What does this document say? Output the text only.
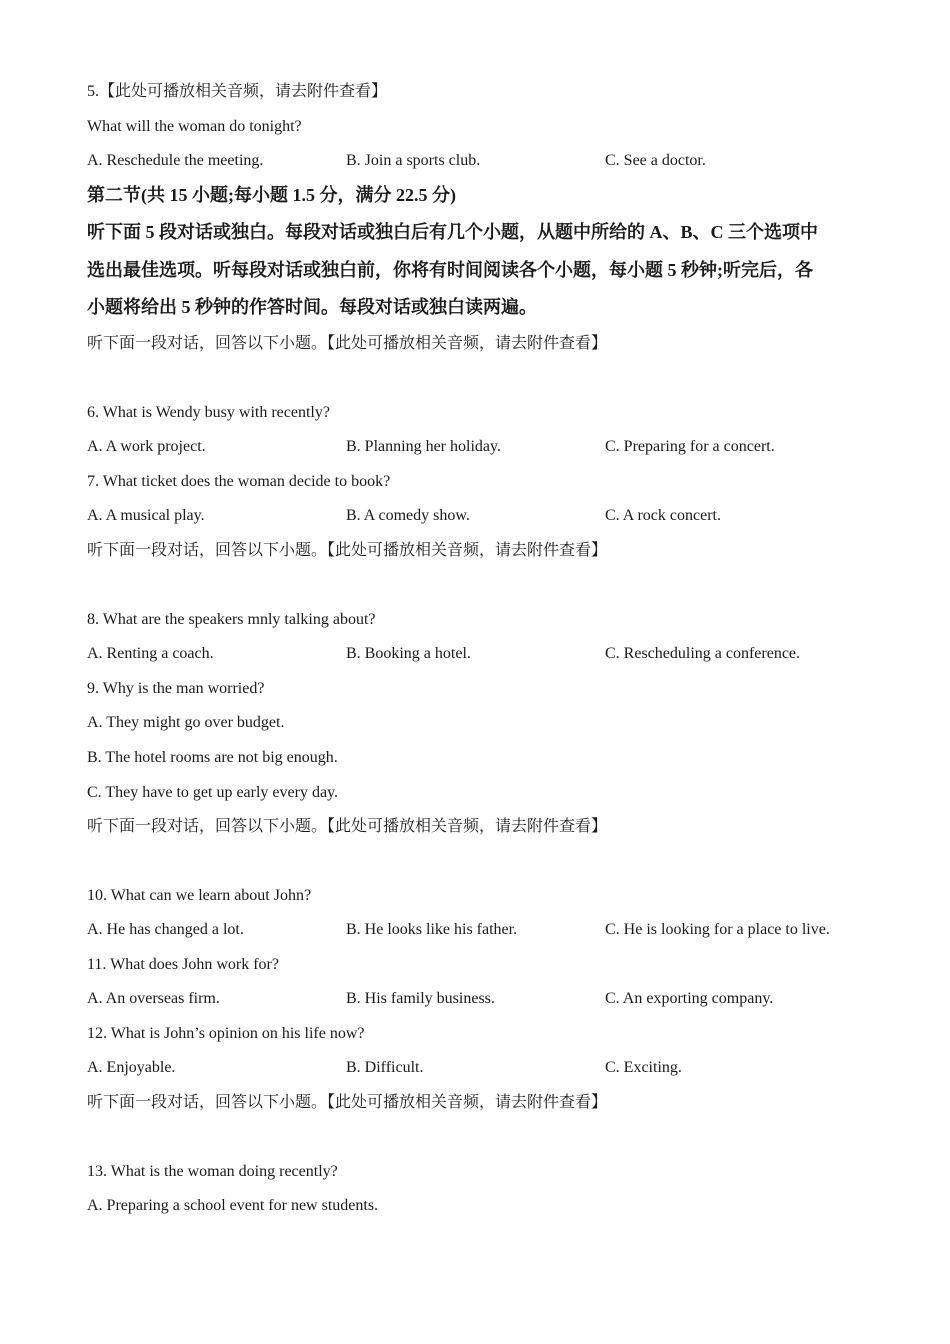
5.【此处可播放相关音频，请去附件查看】
What will the woman do tonight?
A. Reschedule the meeting.	B. Join a sports club.	C. See a doctor.
第二节(共 15 小题;每小题 1.5 分，满分 22.5 分)
听下面 5 段对话或独白。每段对话或独白后有几个小题，从题中所给的 A、B、C 三个选项中
选出最佳选项。听每段对话或独白前，你将有时间阅读各个小题，每小题 5 秒钟;听完后，各
小题将给出 5 秒钟的作答时间。每段对话或独白读两遍。
听下面一段对话，回答以下小题。【此处可播放相关音频，请去附件查看】
6. What is Wendy busy with recently?
A. A work project.	B. Planning her holiday.	C. Preparing for a concert.
7. What ticket does the woman decide to book?
A. A musical play.	B. A comedy show.	C. A rock concert.
听下面一段对话，回答以下小题。【此处可播放相关音频，请去附件查看】
8. What are the speakers mnly talking about?
A. Renting a coach.	B. Booking a hotel.	C. Rescheduling a conference.
9. Why is the man worried?
A. They might go over budget.
B. The hotel rooms are not big enough.
C. They have to get up early every day.
听下面一段对话，回答以下小题。【此处可播放相关音频，请去附件查看】
10. What can we learn about John?
A. He has changed a lot.	B. He looks like his father.	C. He is looking for a place to live.
11. What does John work for?
A. An overseas firm.	B. His family business.	C. An exporting company.
12. What is John’s opinion on his life now?
A. Enjoyable.	B. Difficult.	C. Exciting.
听下面一段对话，回答以下小题。【此处可播放相关音频，请去附件查看】
13. What is the woman doing recently?
A. Preparing a school event for new students.
